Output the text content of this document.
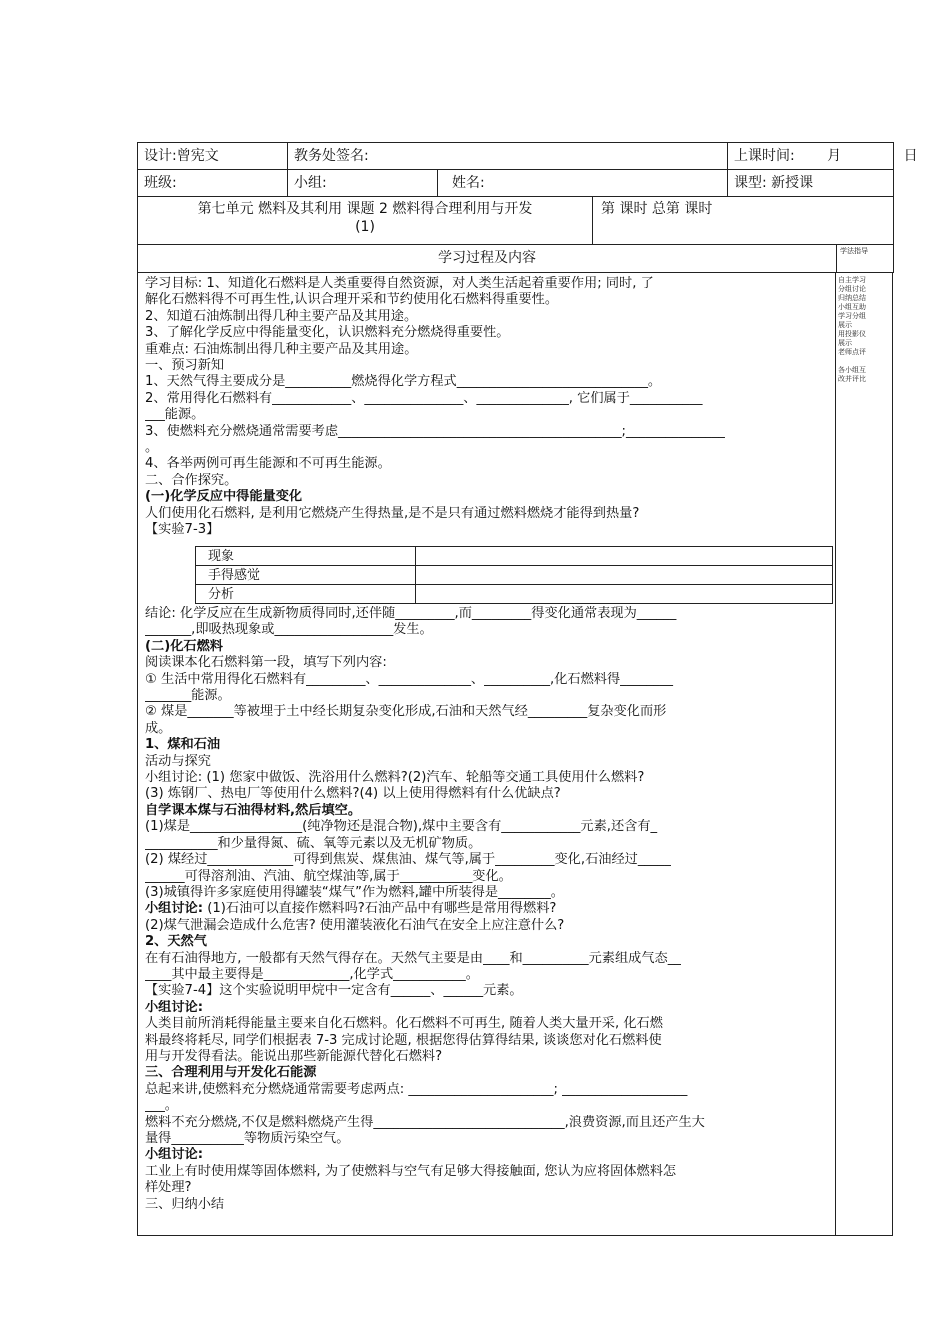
设计:曾宪文	教务处签名:	上课时间: 月	日
班级:	小组:	姓名:	课型: 新授课
第七单元 燃料及其利用 课题 2 燃料得合理利用与开发
(1)
第 课时 总第 课时
学习过程及内容	学法指导
自主学习
分组讨论
归纳总结
小组互助
学习分组
展示
用投影仪
展示
老师点评
各小组互
改并评比

学习目标: 1、知道化石燃料是人类重要得自然资源，对人类生活起着重要作用; 同时, 了

解化石燃料得不可再生性,认识合理开采和节约使用化石燃料得重要性。

2、知道石油炼制出得几种主要产品及其用途。

3、了解化学反应中得能量变化，认识燃料充分燃烧得重要性。

重难点: 石油炼制出得几种主要产品及其用途。

一、预习新知

1、天然气得主要成分是__________燃烧得化学方程式_____________________________。

2、常用得化石燃料有____________、_______________、______________, 它们属于___________

___能源。

3、使燃料充分燃烧通常需要考虑___________________________________________;_______________

。

4、各举两例可再生能源和不可再生能源。

二、合作探究。

(一)化学反应中得能量变化

人们使用化石燃料, 是利用它燃烧产生得热量,是不是只有通过燃料燃烧才能得到热量?

【实验7-3】

现象
手得感觉
分析

结论: 化学反应在生成新物质得同时,还伴随_________,而_________得变化通常表现为______

_______,即吸热现象或__________________发生。

(二)化石燃料

阅读课本化石燃料第一段，填写下列内容:

① 生活中常用得化石燃料有_________、______________、__________,化石燃料得________

_______能源。

② 煤是_______等被埋于土中经长期复杂变化形成,石油和天然气经_________复杂变化而形

成。

1、煤和石油

活动与探究

小组讨论: (1) 您家中做饭、洗浴用什么燃料?(2)汽车、轮船等交通工具使用什么燃料?

(3) 炼钢厂、热电厂等使用什么燃料?(4) 以上使用得燃料有什么优缺点?

自学课本煤与石油得材料,然后填空。

(1)煤是_________________(纯净物还是混合物),煤中主要含有____________元素,还含有_

___________和少量得氮、硫、氧等元素以及无机矿物质。

(2) 煤经过_____________可得到焦炭、煤焦油、煤气等,属于_________变化,石油经过_____

______可得溶剂油、汽油、航空煤油等,属于___________变化。

(3)城镇得许多家庭使用得罐装“煤气”作为燃料,罐中所装得是________。

小组讨论: (1)石油可以直接作燃料吗?石油产品中有哪些是常用得燃料?

(2)煤气泄漏会造成什么危害? 使用灌装液化石油气在安全上应注意什么?

2、天然气

在有石油得地方, 一般都有天然气得存在。天然气主要是由____和__________元素组成气态__

____其中最主要得是_____________,化学式___________。

【实验7-4】这个实验说明甲烷中一定含有______、______元素。

小组讨论:

人类目前所消耗得能量主要来自化石燃料。化石燃料不可再生, 随着人类大量开采, 化石燃

料最终将耗尽, 同学们根据表 7-3 完成讨论题, 根据您得估算得结果, 谈谈您对化石燃料使

用与开发得看法。能说出那些新能源代替化石燃料?

三、合理利用与开发化石能源

总起来讲,使燃料充分燃烧通常需要考虑两点: ______________________; ___________________

___。

燃料不充分燃烧,不仅是燃料燃烧产生得_____________________________,浪费资源,而且还产生大

量得___________等物质污染空气。

小组讨论:

工业上有时使用煤等固体燃料, 为了使燃料与空气有足够大得接触面, 您认为应将固体燃料怎

样处理?

三、归纳小结
